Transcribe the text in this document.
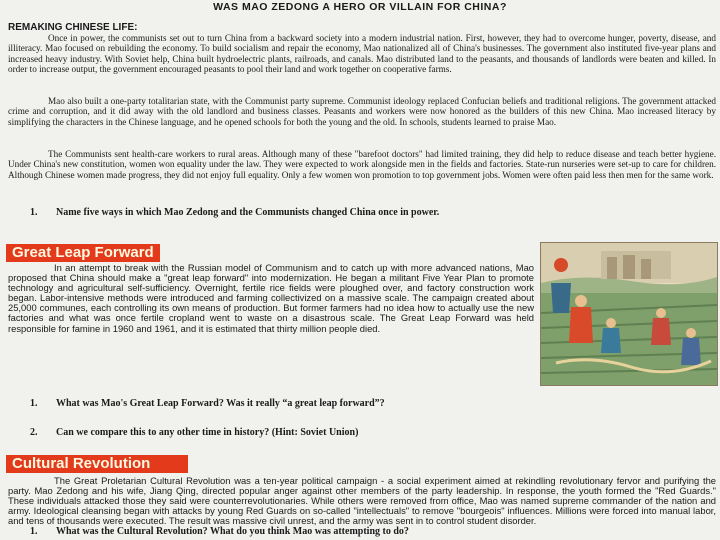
WAS MAO ZEDONG A HERO OR VILLAIN FOR CHINA?
REMAKING CHINESE LIFE:

Once in power, the communists set out to turn China from a backward society into a modern industrial nation. First, however, they had to overcome hunger, poverty, disease, and illiteracy. Mao focused on rebuilding the economy. To build socialism and repair the economy, Mao nationalized all of China's businesses. The government also instituted five-year plans and increased heavy industry. With Soviet help, China built hydroelectric plants, railroads, and canals. Mao distributed land to the peasants, and thousands of landlords were beaten and killed. In order to increase output, the government encouraged peasants to pool their land and work together on cooperative farms.

Mao also built a one-party totalitarian state, with the Communist party supreme. Communist ideology replaced Confucian beliefs and traditional religions. The government attacked crime and corruption, and it did away with the old landlord and business classes. Peasants and workers were now honored as the builders of this new China. Mao increased literacy by simplifying the characters in the Chinese language, and he opened schools for both the young and the old. In schools, students learned to praise Mao.

The Communists sent health-care workers to rural areas. Although many of these "barefoot doctors" had limited training, they did help to reduce disease and teach better hygiene. Under China's new constitution, women won equality under the law. They were expected to work alongside men in the fields and factories. State-run nurseries were set-up to care for children. Although Chinese women made progress, they did not enjoy full equality. Only a few women won promotion to top government jobs. Women were often paid less then men for the same work.

1. Name five ways in which Mao Zedong and the Communists changed China once in power.
Great Leap Forward

In an attempt to break with the Russian model of Communism and to catch up with more advanced nations, Mao proposed that China should make a "great leap forward" into modernization. He began a militant Five Year Plan to promote technology and agricultural self-sufficiency. Overnight, fertile rice fields were ploughed over, and factory construction work began. Labor-intensive methods were introduced and farming collectivized on a massive scale. The campaign created about 25,000 communes, each controlling its own means of production. But former farmers had no idea how to actually use the new factories and what was once fertile cropland went to waste on a disastrous scale. The Great Leap Forward was held responsible for famine in 1960 and 1961, and it is estimated that thirty million people died.

1. What was Mao's Great Leap Forward? Was it really “a great leap forward”?
2. Can we compare this to any other time in history? (Hint: Soviet Union)
Cultural Revolution

The Great Proletarian Cultural Revolution was a ten-year political campaign - a social experiment aimed at rekindling revolutionary fervor and purifying the party. Mao Zedong and his wife, Jiang Qing, directed popular anger against other members of the party leadership. In response, the youth formed the "Red Guards." These individuals attacked those they said were counterrevolutionaries. While others were removed from office, Mao was named supreme commander of the nation and army. Ideological cleansing began with attacks by young Red Guards on so-called "intellectuals" to remove "bourgeois" influences. Millions were forced into manual labor, and tens of thousands were executed. The result was massive civil unrest, and the army was sent in to control student disorder.

1. What was the Cultural Revolution? What do you think Mao was attempting to do?
